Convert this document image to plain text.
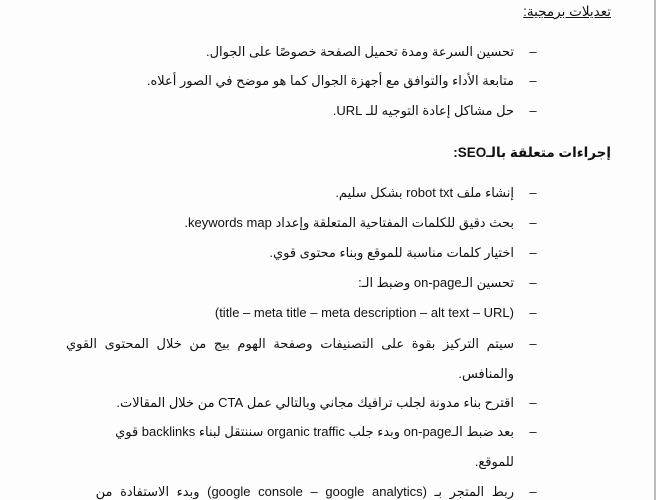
تعديلات برمجية:
–
تحسين السرعة ومدة تحميل الصفحة خصوصًا على الجوال.
–
متابعة الأداء والتوافق مع أجهزة الجوال كما هو موضح في الصور أعلاه.
–
حل مشاكل إعادة التوجيه للـ URL.
إجراءات متعلقة بالـSEO:
–
إنشاء ملف robot txt بشكل سليم.
–
بحث دقيق للكلمات المفتاحية المتعلقة وإعداد keywords map.
–
اختيار كلمات مناسبة للموقع وبناء محتوى قوي.
–
تحسين الـon-page وضبط الـ:
–
(title – meta title – meta description – alt text – URL)
–
سيتم التركيز بقوة على التصنيفات وصفحة الهوم بيج من خلال المحتوى القوي
والمنافس.
–
اقترح بناء مدونة لجلب ترافيك مجاني وبالتالي عمل CTA من خلال المقالات.
–
بعد ضبط الـon-page وبدء جلب organic traffic سننتقل لبناء backlinks قوي
للموقع.
–
ربط المتجر بـ (google console – google analytics) وبدء الاستفادة من
